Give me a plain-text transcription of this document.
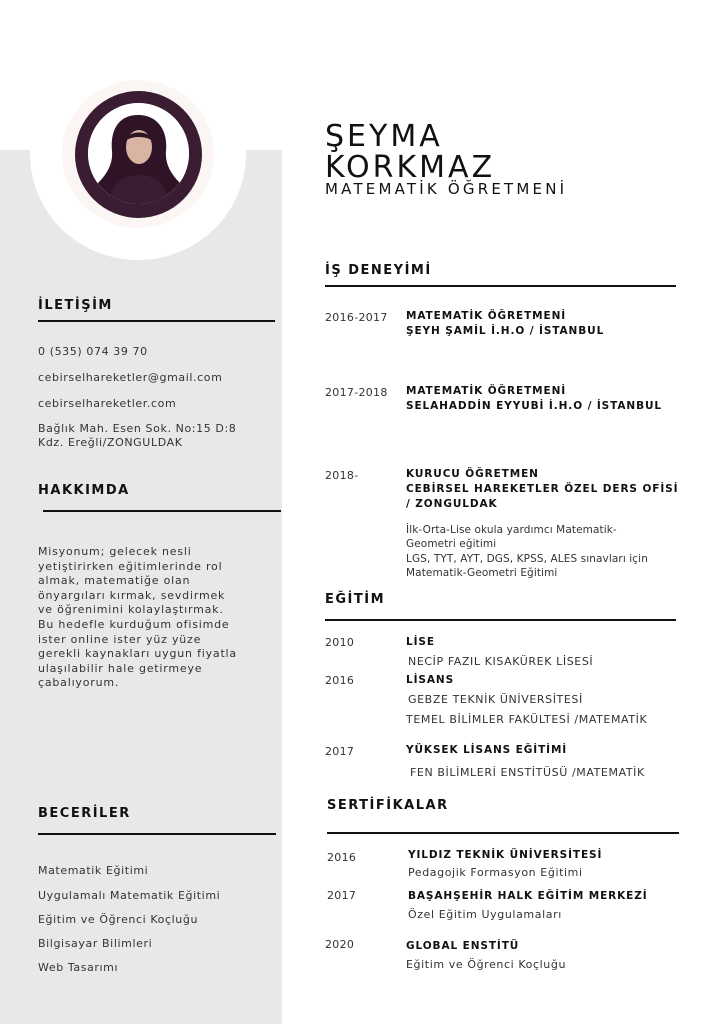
ŞEYMA
KORKMAZ
MATEMATİK ÖĞRETMENİ
İLETİŞİM
0 (535) 074 39 70
cebirselhareketler@gmail.com
cebirselhareketler.com
Bağlık Mah. Esen Sok. No:15 D:8
Kdz. Ereğli/ZONGULDAK
HAKKIMDA
Misyonum; gelecek nesli
yetiştirirken eğitimlerinde rol
almak, matematiğe olan
önyargıları kırmak, sevdirmek
ve öğrenimini kolaylaştırmak.
Bu hedefle kurduğum ofisimde
ister online ister yüz yüze
gerekli kaynakları uygun fiyatla
ulaşılabilir hale getirmeye
çabalıyorum.
BECERİLER
Matematik Eğitimi
Uygulamalı Matematik Eğitimi
Eğitim ve Öğrenci Koçluğu
Bilgisayar Bilimleri
Web Tasarımı
İŞ DENEYİMİ
2016-2017 MATEMATİK ÖĞRETMENİ
ŞEYH ŞAMİL İ.H.O / İSTANBUL
2017-2018 MATEMATİK ÖĞRETMENİ
SELAHADDİN EYYUBİ İ.H.O / İSTANBUL
2018-	KURUCU ÖĞRETMEN
CEBİRSEL HAREKETLER ÖZEL DERS OFİSİ
/ ZONGULDAK
İlk-Orta-Lise okula yardımcı Matematik-
Geometri eğitimi
LGS, TYT, AYT, DGS, KPSS, ALES sınavları için
Matematik-Geometri Eğitimi
EĞİTİM
2010	LİSE
NECİP FAZIL KISAKÜREK LİSESİ
2016	LİSANS
GEBZE TEKNİK ÜNİVERSİTESİ
TEMEL BİLİMLER FAKÜLTESİ /MATEMATİK
2017	YÜKSEK LİSANS EĞİTİMİ
FEN BİLİMLERİ ENSTİTÜSÜ /MATEMATİK
SERTİFİKALAR
2016	YILDIZ TEKNİK ÜNİVERSİTESİ
Pedagojik Formasyon Eğitimi
2017	BAŞAHŞEHİR HALK EĞİTİM MERKEZİ
Özel Eğitim Uygulamaları
2020	GLOBAL ENSTİTÜ
Eğitim ve Öğrenci Koçluğu
